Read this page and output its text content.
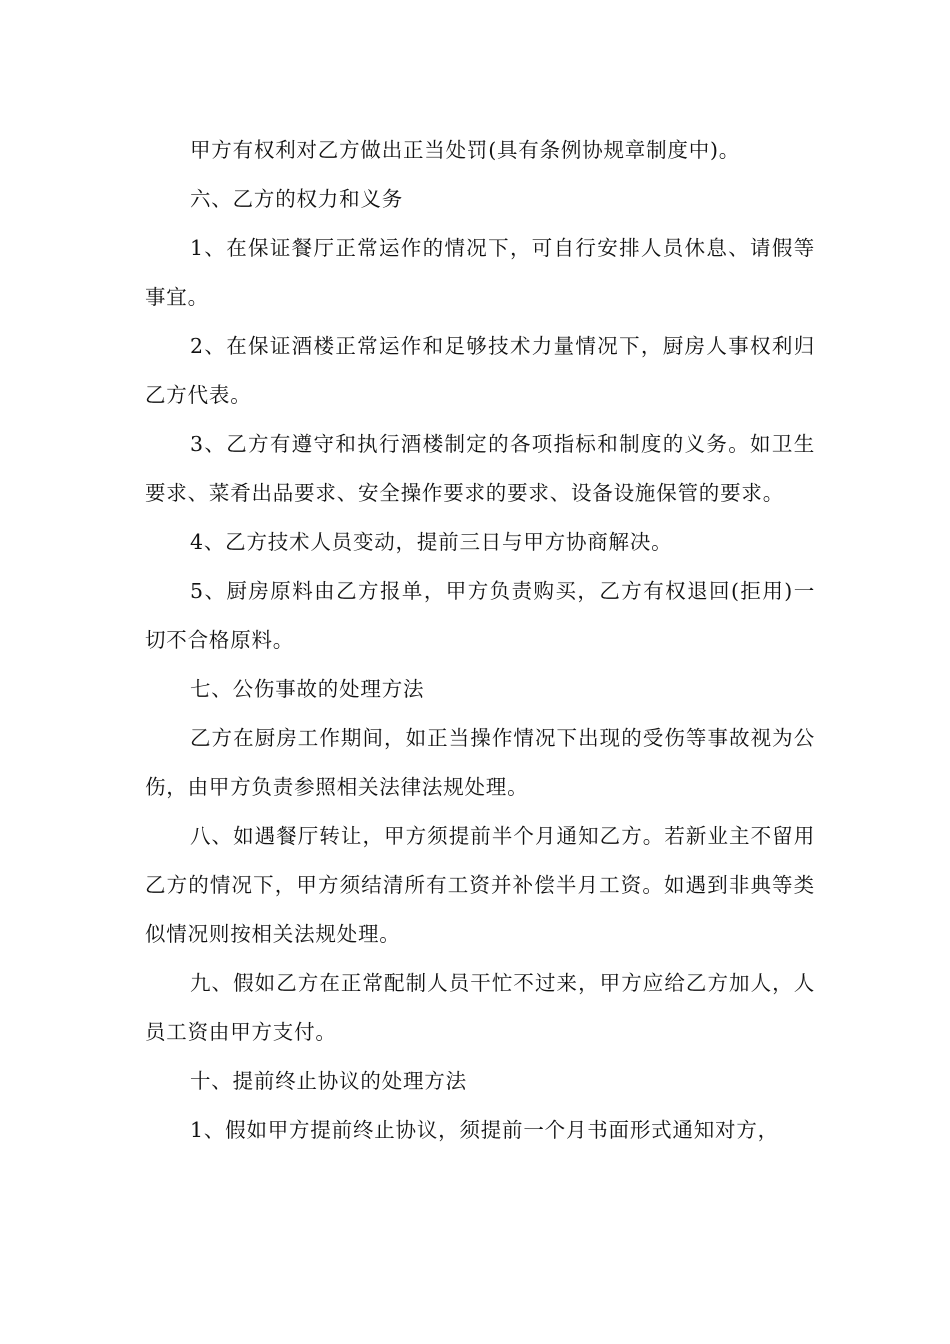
甲方有权利对乙方做出正当处罚(具有条例协规章制度中)。

六、乙方的权力和义务

1、在保证餐厅正常运作的情况下，可自行安排人员休息、请假等事宜。

2、在保证酒楼正常运作和足够技术力量情况下，厨房人事权利归乙方代表。

3、乙方有遵守和执行酒楼制定的各项指标和制度的义务。如卫生要求、菜肴出品要求、安全操作要求的要求、设备设施保管的要求。

4、乙方技术人员变动，提前三日与甲方协商解决。

5、厨房原料由乙方报单，甲方负责购买，乙方有权退回(拒用)一切不合格原料。

七、公伤事故的处理方法

乙方在厨房工作期间，如正当操作情况下出现的受伤等事故视为公伤，由甲方负责参照相关法律法规处理。

八、如遇餐厅转让，甲方须提前半个月通知乙方。若新业主不留用乙方的情况下，甲方须结清所有工资并补偿半月工资。如遇到非典等类似情况则按相关法规处理。

九、假如乙方在正常配制人员干忙不过来，甲方应给乙方加人，人员工资由甲方支付。

十、提前终止协议的处理方法

1、假如甲方提前终止协议，须提前一个月书面形式通知对方，
